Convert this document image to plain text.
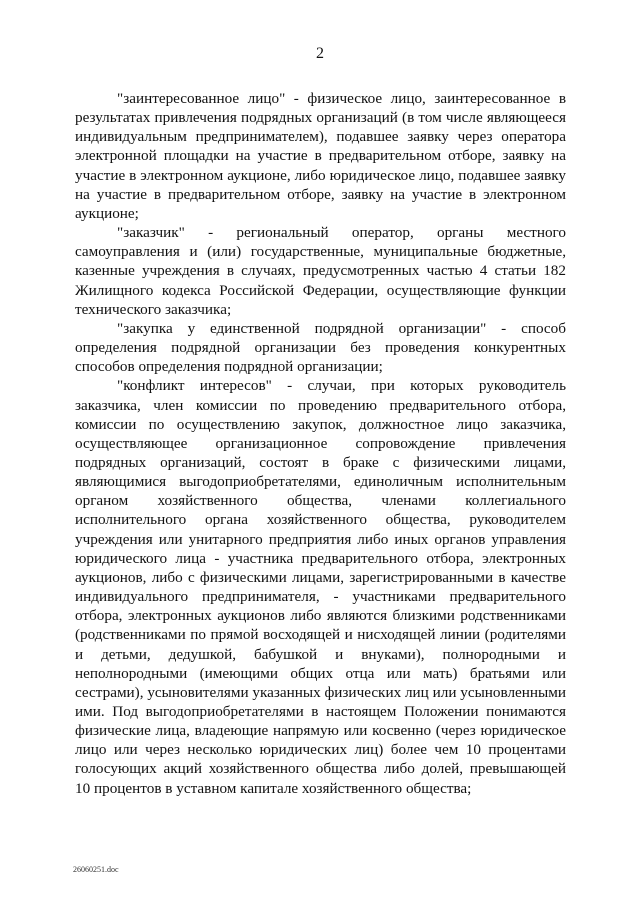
2

"заинтересованное лицо" - физическое лицо, заинтересованное в результатах привлечения подрядных организаций (в том числе являющееся индивидуальным предпринимателем), подавшее заявку через оператора электронной площадки на участие в предварительном отборе, заявку на участие в электронном аукционе, либо юридическое лицо, подавшее заявку на участие в предварительном отборе, заявку на участие в электронном аукционе;

"заказчик" - региональный оператор, органы местного самоуправления и (или) государственные, муниципальные бюджетные, казенные учреждения в случаях, предусмотренных частью 4 статьи 182 Жилищного кодекса Российской Федерации, осуществляющие функции технического заказчика;

"закупка у единственной подрядной организации" - способ определения подрядной организации без проведения конкурентных способов определения подрядной организации;

"конфликт интересов" - случаи, при которых руководитель заказчика, член комиссии по проведению предварительного отбора, комиссии по осуществлению закупок, должностное лицо заказчика, осуществляющее организационное сопровождение привлечения подрядных организаций, состоят в браке с физическими лицами, являющимися выгодоприобретателями, единоличным исполнительным органом хозяйственного общества, членами коллегиального исполнительного органа хозяйственного общества, руководителем учреждения или унитарного предприятия либо иных органов управления юридического лица - участника предварительного отбора, электронных аукционов, либо с физическими лицами, зарегистрированными в качестве индивидуального предпринимателя, - участниками предварительного отбора, электронных аукционов либо являются близкими родственниками (родственниками по прямой восходящей и нисходящей линии (родителями и детьми, дедушкой, бабушкой и внуками), полнородными и неполнородными (имеющими общих отца или мать) братьями или сестрами), усыновителями указанных физических лиц или усыновленными ими. Под выгодоприобретателями в настоящем Положении понимаются физические лица, владеющие напрямую или косвенно (через юридическое лицо или через несколько юридических лиц) более чем 10 процентами голосующих акций хозяйственного общества либо долей, превышающей 10 процентов в уставном капитале хозяйственного общества;

26060251.doc
